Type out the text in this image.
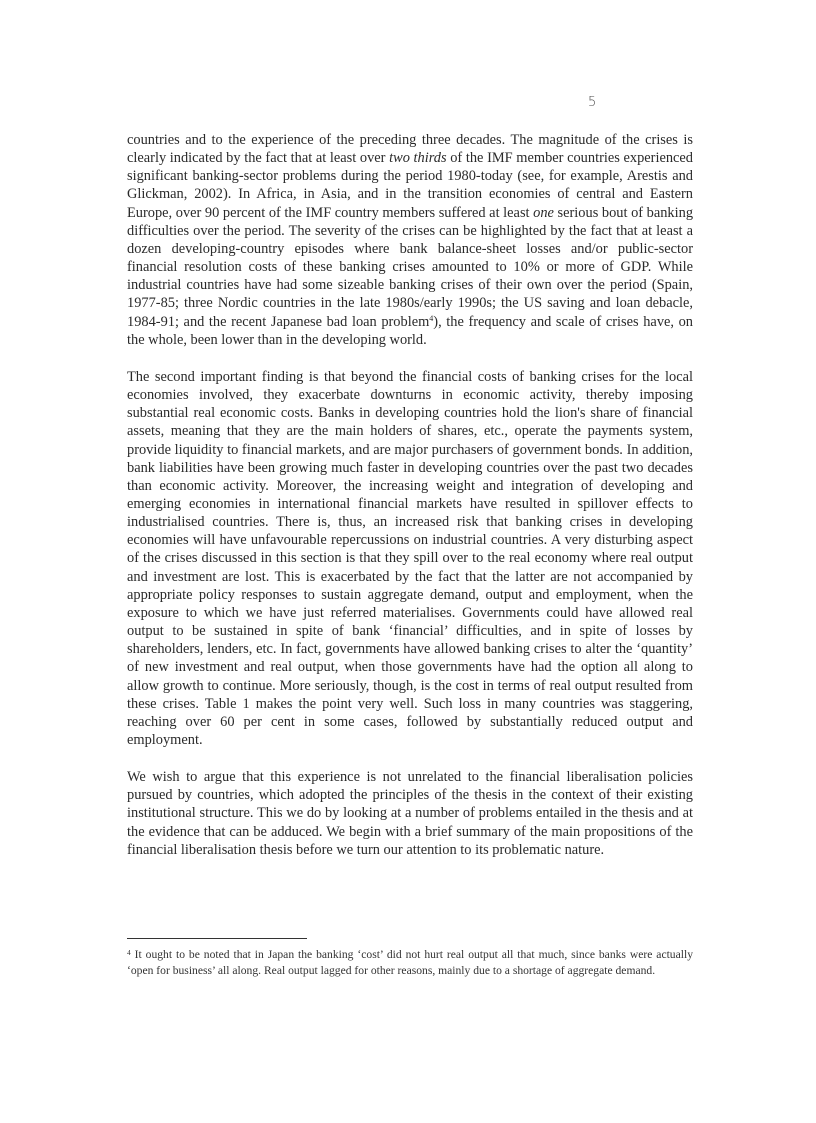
5

countries and to the experience of the preceding three decades. The magnitude of the crises is clearly indicated by the fact that at least over two thirds of the IMF member countries experienced significant banking-sector problems during the period 1980-today (see, for example, Arestis and Glickman, 2002). In Africa, in Asia, and in the transition economies of central and Eastern Europe, over 90 percent of the IMF country members suffered at least one serious bout of banking difficulties over the period. The severity of the crises can be highlighted by the fact that at least a dozen developing-country episodes where bank balance-sheet losses and/or public-sector financial resolution costs of these banking crises amounted to 10% or more of GDP. While industrial countries have had some sizeable banking crises of their own over the period (Spain, 1977-85; three Nordic countries in the late 1980s/early 1990s; the US saving and loan debacle, 1984-91; and the recent Japanese bad loan problem$^4$), the frequency and scale of crises have, on the whole, been lower than in the developing world.

The second important finding is that beyond the financial costs of banking crises for the local economies involved, they exacerbate downturns in economic activity, thereby imposing substantial real economic costs. Banks in developing countries hold the lion's share of financial assets, meaning that they are the main holders of shares, etc., operate the payments system, provide liquidity to financial markets, and are major purchasers of government bonds. In addition, bank liabilities have been growing much faster in developing countries over the past two decades than economic activity. Moreover, the increasing weight and integration of developing and emerging economies in international financial markets have resulted in spillover effects to industrialised countries. There is, thus, an increased risk that banking crises in developing economies will have unfavourable repercussions on industrial countries. A very disturbing aspect of the crises discussed in this section is that they spill over to the real economy where real output and investment are lost. This is exacerbated by the fact that the latter are not accompanied by appropriate policy responses to sustain aggregate demand, output and employment, when the exposure to which we have just referred materialises. Governments could have allowed real output to be sustained in spite of bank ‘financial’ difficulties, and in spite of losses by shareholders, lenders, etc. In fact, governments have allowed banking crises to alter the ‘quantity’ of new investment and real output, when those governments have had the option all along to allow growth to continue. More seriously, though, is the cost in terms of real output resulted from these crises. Table 1 makes the point very well. Such loss in many countries was staggering, reaching over 60 per cent in some cases, followed by substantially reduced output and employment.

We wish to argue that this experience is not unrelated to the financial liberalisation policies pursued by countries, which adopted the principles of the thesis in the context of their existing institutional structure. This we do by looking at a number of problems entailed in the thesis and at the evidence that can be adduced. We begin with a brief summary of the main propositions of the financial liberalisation thesis before we turn our attention to its problematic nature.

$^4$ It ought to be noted that in Japan the banking ‘cost’ did not hurt real output all that much, since banks were actually ‘open for business’ all along. Real output lagged for other reasons, mainly due to a shortage of aggregate demand.
